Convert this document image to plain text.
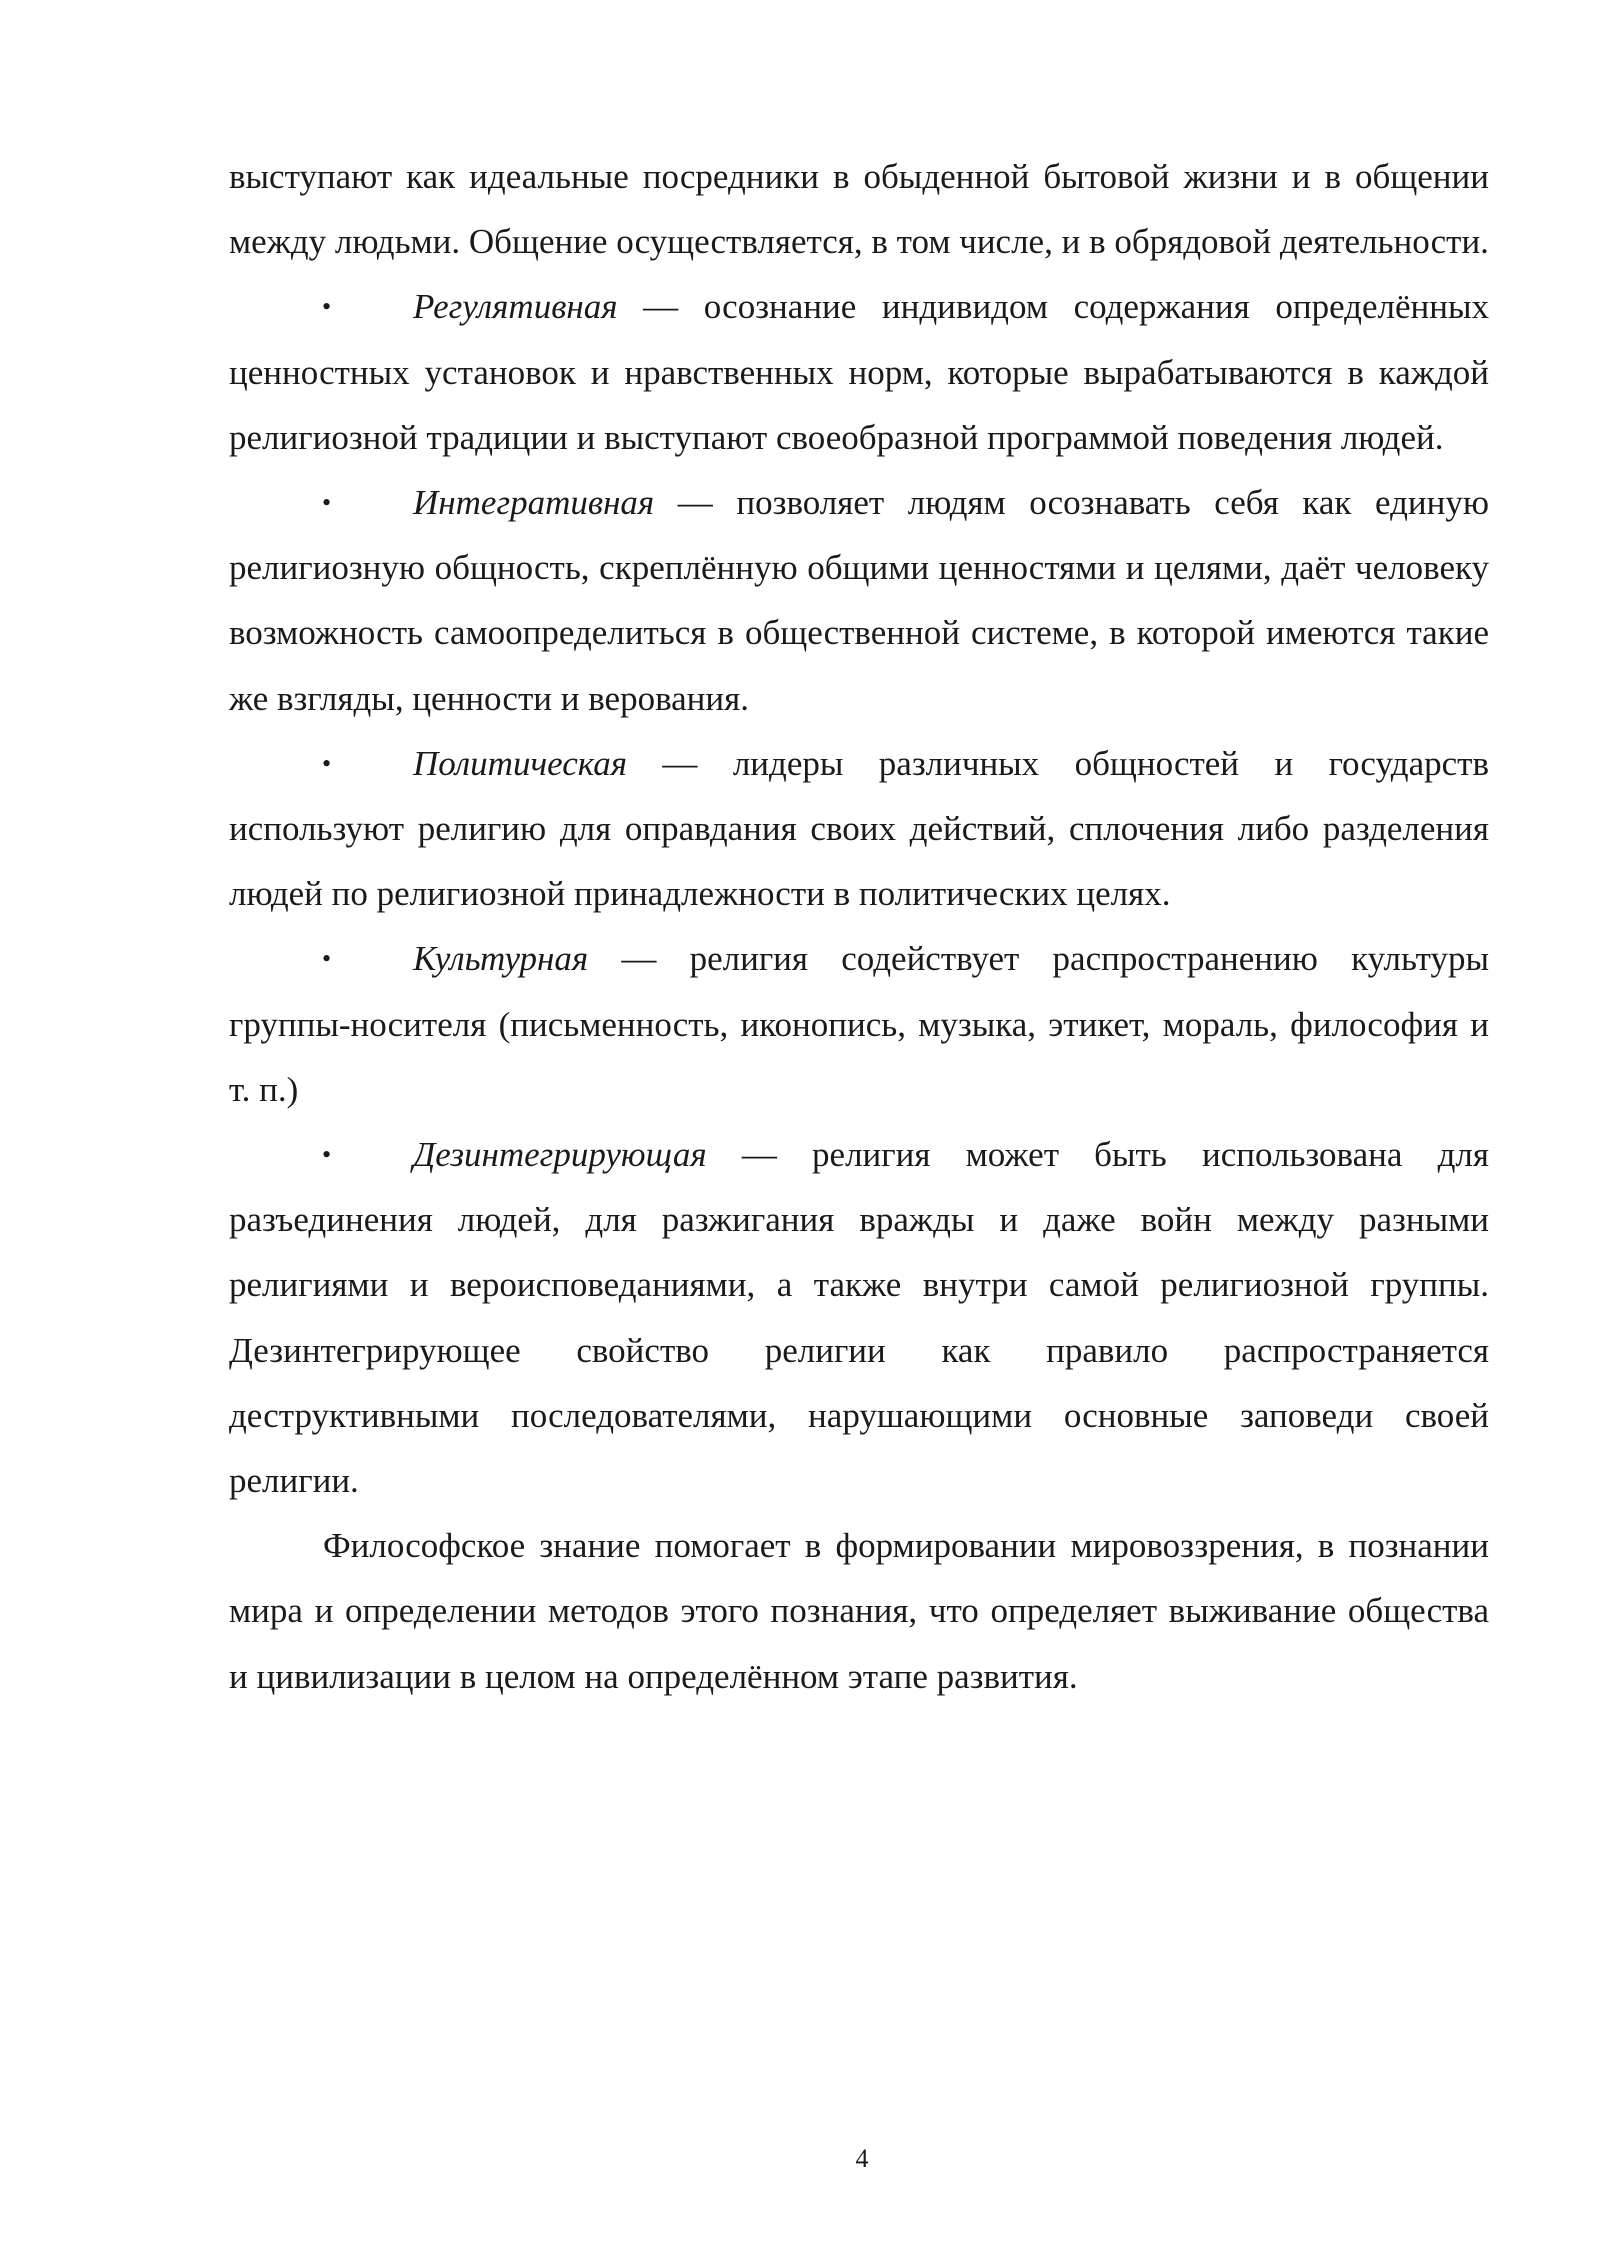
выступают как идеальные посредники в обыденной бытовой жизни и в общении между людьми. Общение осуществляется, в том числе, и в обрядовой деятельности.

• Регулятивная — осознание индивидом содержания определённых ценностных установок и нравственных норм, которые вырабатываются в каждой религиозной традиции и выступают своеобразной программой поведения людей.
• Интегративная — позволяет людям осознавать себя как единую религиозную общность, скреплённую общими ценностями и целями, даёт человеку возможность самоопределиться в общественной системе, в которой имеются такие же взгляды, ценности и верования.
• Политическая — лидеры различных общностей и государств используют религию для оправдания своих действий, сплочения либо разделения людей по религиозной принадлежности в политических целях.
• Культурная — религия содействует распространению культуры группы-носителя (письменность, иконопись, музыка, этикет, мораль, философия и т. п.)
• Дезинтегрирующая — религия может быть использована для разъединения людей, для разжигания вражды и даже войн между разными религиями и вероисповеданиями, а также внутри самой религиозной группы. Дезинтегрирующее свойство религии как правило распространяется деструктивными последователями, нарушающими основные заповеди своей религии.

Философское знание помогает в формировании мировоззрения, в познании мира и определении методов этого познания, что определяет выживание общества и цивилизации в целом на определённом этапе развития.

4
